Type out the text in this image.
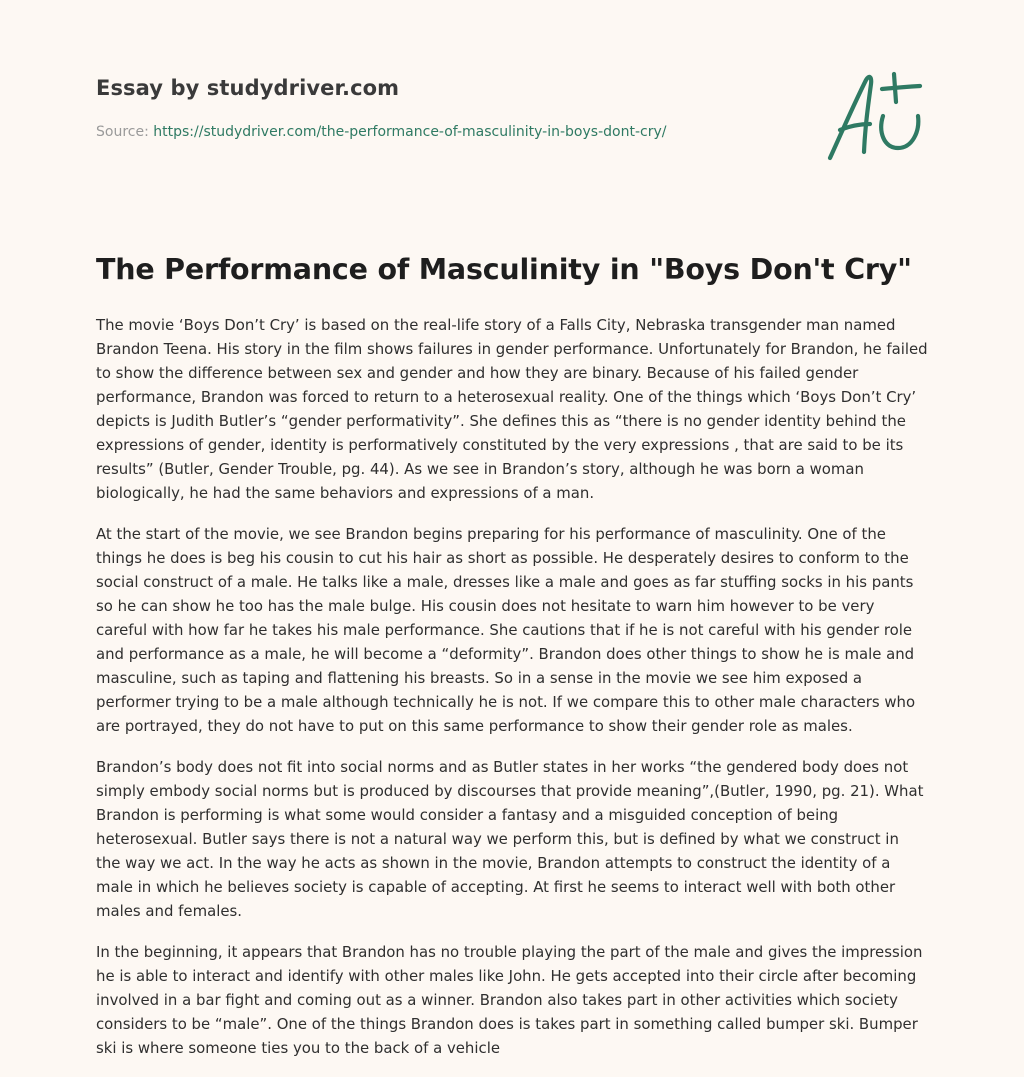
Essay by studydriver.com
Source: https://studydriver.com/the-performance-of-masculinity-in-boys-dont-cry/
The Performance of Masculinity in "Boys Don't Cry"

The movie ‘Boys Don’t Cry’ is based on the real-life story of a Falls City, Nebraska transgender man named Brandon Teena. His story in the film shows failures in gender performance. Unfortunately for Brandon, he failed to show the difference between sex and gender and how they are binary. Because of his failed gender performance, Brandon was forced to return to a heterosexual reality. One of the things which ‘Boys Don’t Cry’ depicts is Judith Butler’s “gender performativity”. She defines this as “there is no gender identity behind the expressions of gender, identity is performatively constituted by the very expressions , that are said to be its results” (Butler, Gender Trouble, pg. 44). As we see in Brandon’s story, although he was born a woman biologically, he had the same behaviors and expressions of a man.

At the start of the movie, we see Brandon begins preparing for his performance of masculinity. One of the things he does is beg his cousin to cut his hair as short as possible. He desperately desires to conform to the social construct of a male. He talks like a male, dresses like a male and goes as far stuffing socks in his pants so he can show he too has the male bulge. His cousin does not hesitate to warn him however to be very careful with how far he takes his male performance. She cautions that if he is not careful with his gender role and performance as a male, he will become a “deformity”. Brandon does other things to show he is male and masculine, such as taping and flattening his breasts. So in a sense in the movie we see him exposed a performer trying to be a male although technically he is not. If we compare this to other male characters who are portrayed, they do not have to put on this same performance to show their gender role as males.

Brandon’s body does not fit into social norms and as Butler states in her works “the gendered body does not simply embody social norms but is produced by discourses that provide meaning”,(Butler, 1990, pg. 21). What Brandon is performing is what some would consider a fantasy and a misguided conception of being heterosexual. Butler says there is not a natural way we perform this, but is defined by what we construct in the way we act. In the way he acts as shown in the movie, Brandon attempts to construct the identity of a male in which he believes society is capable of accepting. At first he seems to interact well with both other males and females.

In the beginning, it appears that Brandon has no trouble playing the part of the male and gives the impression he is able to interact and identify with other males like John. He gets accepted into their circle after becoming involved in a bar fight and coming out as a winner. Brandon also takes part in other activities which society considers to be “male”. One of the things Brandon does is takes part in something called bumper ski. Bumper ski is where someone ties you to the back of a vehicle
